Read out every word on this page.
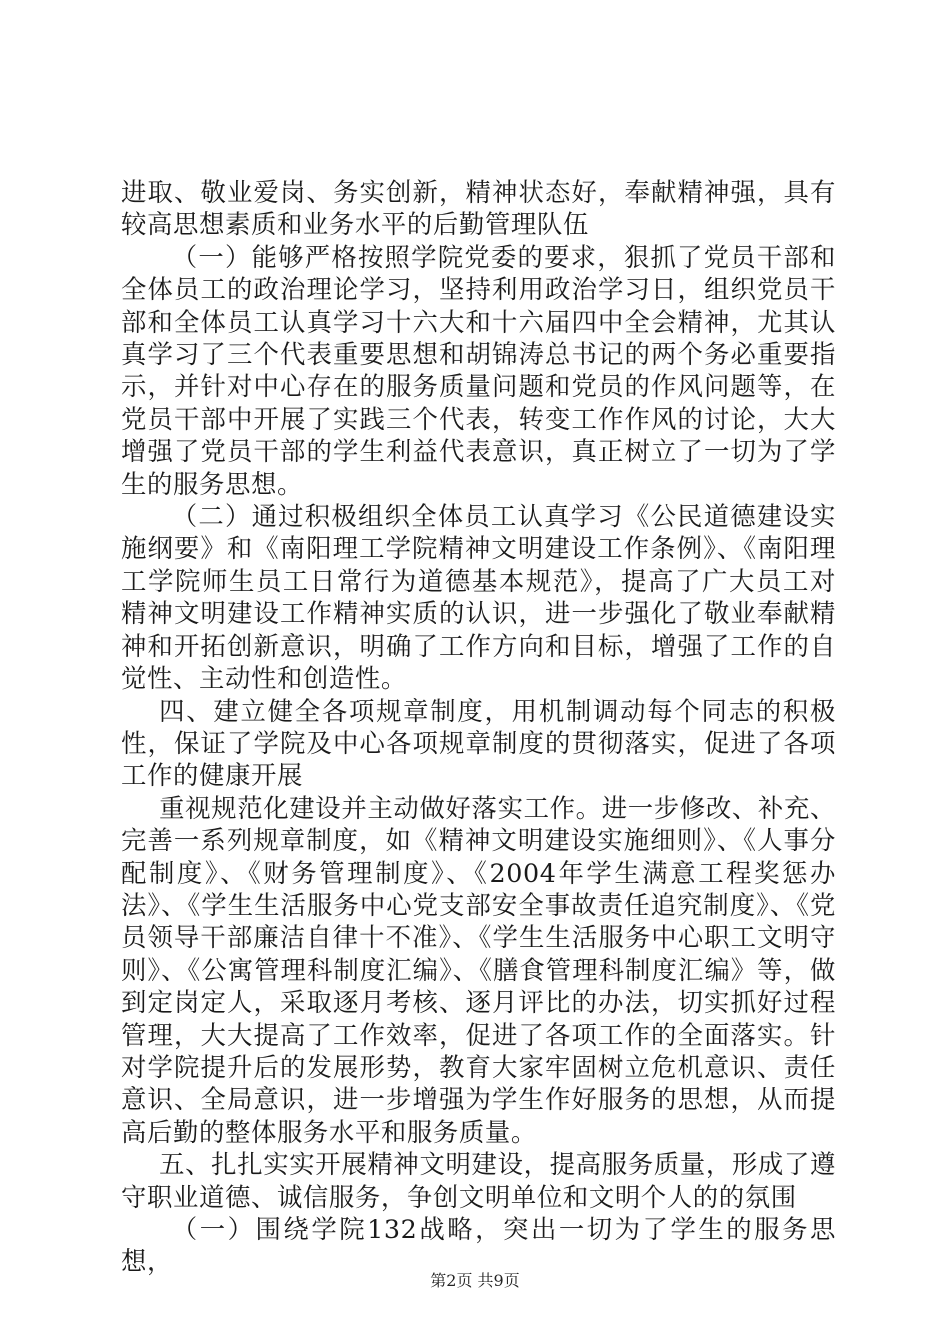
进取、敬业爱岗、务实创新，精神状态好，奉献精神强，具有较高思想素质和业务水平的后勤管理队伍

（一）能够严格按照学院党委的要求，狠抓了党员干部和全体员工的政治理论学习，坚持利用政治学习日，组织党员干部和全体员工认真学习十六大和十六届四中全会精神，尤其认真学习了三个代表重要思想和胡锦涛总书记的两个务必重要指示，并针对中心存在的服务质量问题和党员的作风问题等，在党员干部中开展了实践三个代表，转变工作作风的讨论，大大增强了党员干部的学生利益代表意识，真正树立了一切为了学生的服务思想。

（二）通过积极组织全体员工认真学习《公民道德建设实施纲要》和《南阳理工学院精神文明建设工作条例》、《南阳理工学院师生员工日常行为道德基本规范》，提高了广大员工对精神文明建设工作精神实质的认识，进一步强化了敬业奉献精神和开拓创新意识，明确了工作方向和目标，增强了工作的自觉性、主动性和创造性。

四、建立健全各项规章制度，用机制调动每个同志的积极性，保证了学院及中心各项规章制度的贯彻落实，促进了各项工作的健康开展

重视规范化建设并主动做好落实工作。进一步修改、补充、完善一系列规章制度，如《精神文明建设实施细则》、《人事分配制度》、《财务管理制度》、《2004年学生满意工程奖惩办法》、《学生生活服务中心党支部安全事故责任追究制度》、《党员领导干部廉洁自律十不准》、《学生生活服务中心职工文明守则》、《公寓管理科制度汇编》、《膳食管理科制度汇编》等，做到定岗定人，采取逐月考核、逐月评比的办法，切实抓好过程管理，大大提高了工作效率，促进了各项工作的全面落实。针对学院提升后的发展形势，教育大家牢固树立危机意识、责任意识、全局意识，进一步增强为学生作好服务的思想，从而提高后勤的整体服务水平和服务质量。

五、扎扎实实开展精神文明建设，提高服务质量，形成了遵守职业道德、诚信服务，争创文明单位和文明个人的的氛围

（一）围绕学院132战略，突出一切为了学生的服务思想，

第2页 共9页
